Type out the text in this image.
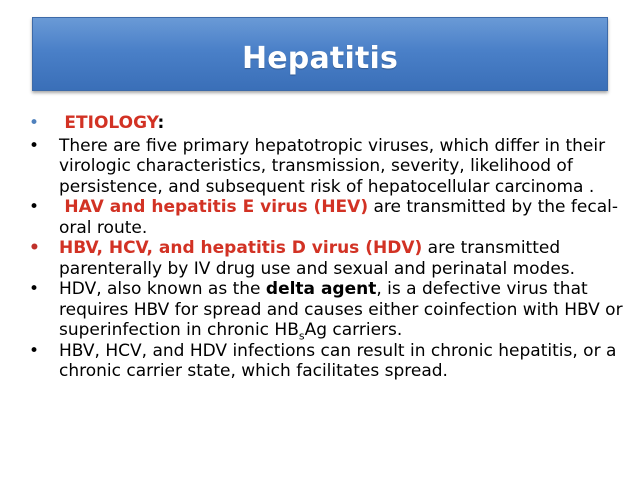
Hepatitis
•	ETIOLOGY:
•	There are five primary hepatotropic viruses, which differ in their virologic characteristics, transmission, severity, likelihood of persistence, and subsequent risk of hepatocellular carcinoma .
•	HAV and hepatitis E virus (HEV) are transmitted by the fecal-oral route.
•	HBV, HCV, and hepatitis D virus (HDV) are transmitted parenterally by IV drug use and sexual and perinatal modes.
•	HDV, also known as the delta agent, is a defective virus that requires HBV for spread and causes either coinfection with HBV or superinfection in chronic $HB_sAg$ carriers.
•	HBV, HCV, and HDV infections can result in chronic hepatitis, or a chronic carrier state, which facilitates spread.
